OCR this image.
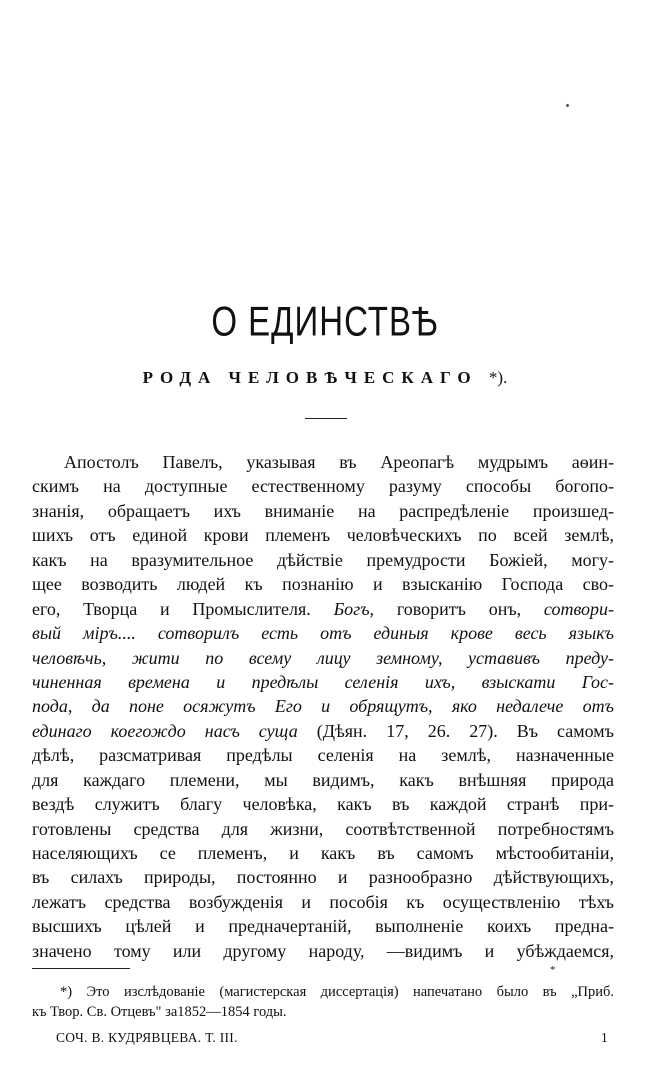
О ЕДИНСТВѢ
РОДА ЧЕЛОВѢЧЕСКАГО *).
Апостолъ Павелъ, указывая въ Ареопагѣ мудрымъ аѳин-
скимъ на доступные естественному разуму способы богопо-
знанія, обращаетъ ихъ вниманіе на распредѣленіе произшед-
шихъ отъ единой крови племенъ человѣческихъ по всей землѣ,
какъ на вразумительное дѣйствіе премудрости Божіей, могу-
щее возводить людей къ познанію и взысканію Господа сво-
его, Творца и Промыслителя. Богъ, говоритъ онъ, сотвори-
вый міръ.... сотворилъ есть отъ единыя крове весь языкъ
человѣчь, жити по всему лицу земному, уставивъ преду-
чиненная времена и предѣлы селенія ихъ, взыскати Гос-
пода, да поне осяжутъ Его и обрящутъ, яко недалече отъ
единаго коегождо насъ суща (Дѣян. 17, 26. 27). Въ самомъ
дѣлѣ, разсматривая предѣлы селенія на землѣ, назначенные
для каждаго племени, мы видимъ, какъ внѣшняя природа
вездѣ служитъ благу человѣка, какъ въ каждой странѣ при-
готовлены средства для жизни, соотвѣтственной потребностямъ
населяющихъ се племенъ, и какъ въ самомъ мѣстообитаніи,
въ силахъ природы, постоянно и разнообразно дѣйствующихъ,
лежатъ средства возбужденія и пособія къ осуществленію тѣхъ
высшихъ цѣлей и предначертаній, выполненіе коихъ предна-
значено тому или другому народу, —видимъ и убѣждаемся,
*
*) Это изслѣдованіе (магистерская диссертація) напечатано было въ „Приб.
къ Твор. Св. Отцевъ" за1852—1854 годы.
СОЧ. В. КУДРЯВЦЕВА. Т. III.	1
